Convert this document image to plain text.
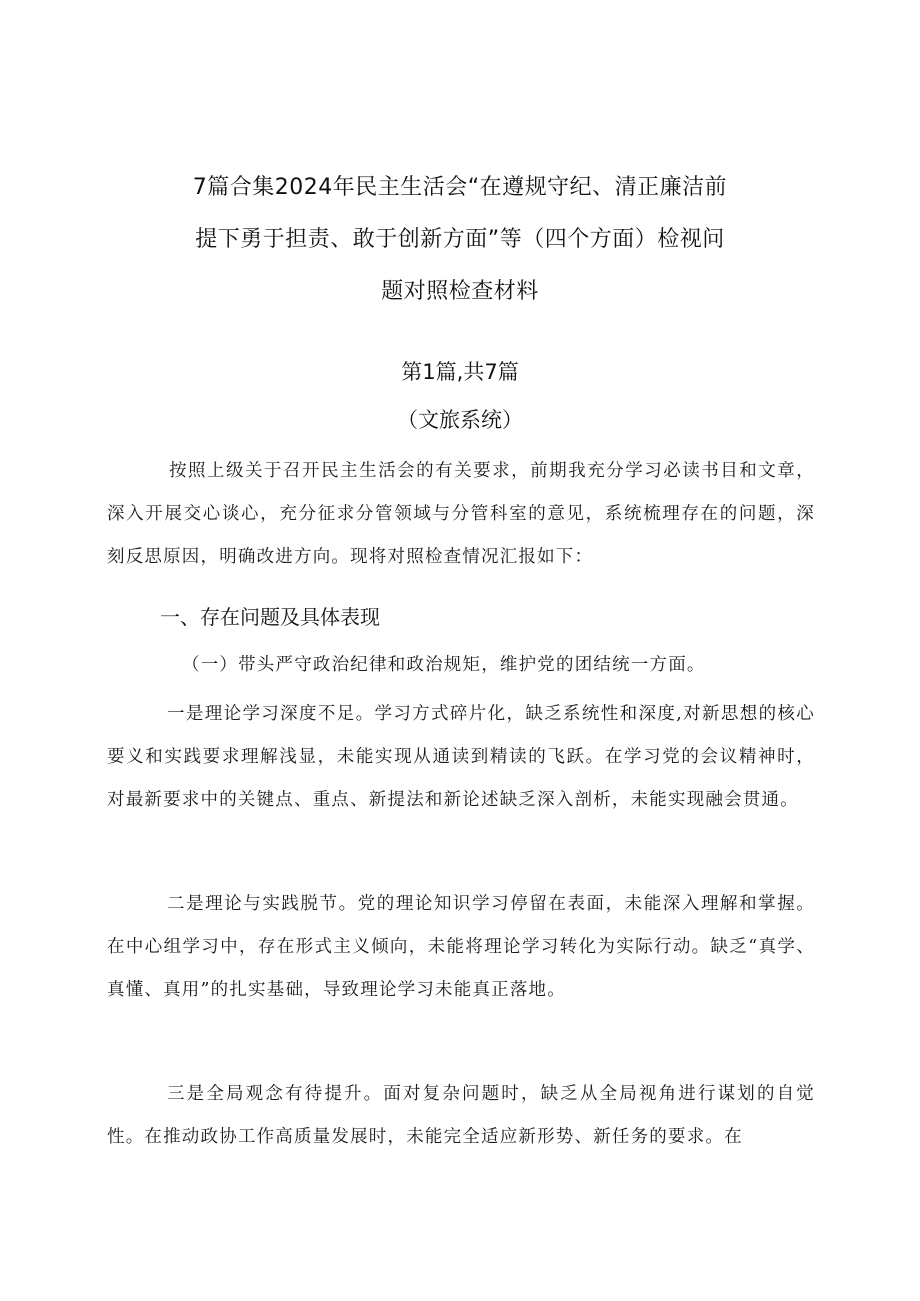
7篇合集2024年民主生活会“在遵规守纪、清正廉洁前
提下勇于担责、敢于创新方面”等（四个方面）检视问
题对照检查材料
第1篇,共7篇
（文旅系统）

按照上级关于召开民主生活会的有关要求，前期我充分学习必读书目和文章，深入开展交心谈心，充分征求分管领域与分管科室的意见，系统梳理存在的问题，深刻反思原因，明确改进方向。现将对照检查情况汇报如下：

一、存在问题及具体表现
（一）带头严守政治纪律和政治规矩，维护党的团结统一方面。

一是理论学习深度不足。学习方式碎片化，缺乏系统性和深度,对新思想的核心要义和实践要求理解浅显，未能实现从通读到精读的飞跃。在学习党的会议精神时，对最新要求中的关键点、重点、新提法和新论述缺乏深入剖析，未能实现融会贯通。

二是理论与实践脱节。党的理论知识学习停留在表面，未能深入理解和掌握。在中心组学习中，存在形式主义倾向，未能将理论学习转化为实际行动。缺乏“真学、真懂、真用”的扎实基础，导致理论学习未能真正落地。

三是全局观念有待提升。面对复杂问题时，缺乏从全局视角进行谋划的自觉性。在推动政协工作高质量发展时，未能完全适应新形势、新任务的要求。在
